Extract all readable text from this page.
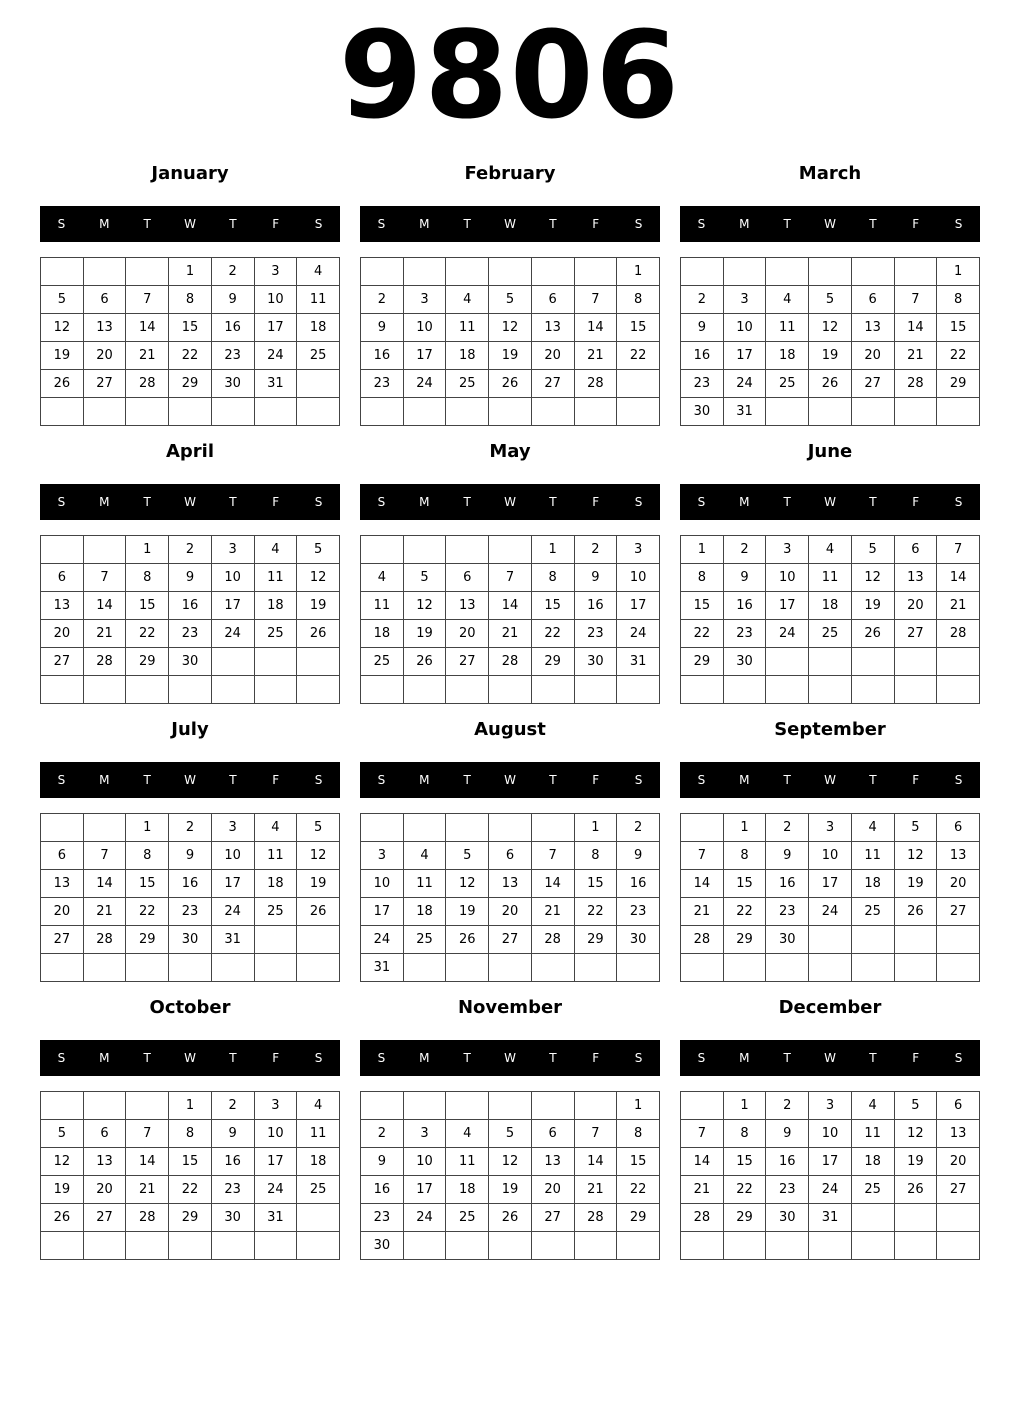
9806
January
S	M	T	W	T	F	S
			1	2	3	4
5	6	7	8	9	10	11
12	13	14	15	16	17	18
19	20	21	22	23	24	25
26	27	28	29	30	31	

February
S	M	T	W	T	F	S
						1
2	3	4	5	6	7	8
9	10	11	12	13	14	15
16	17	18	19	20	21	22
23	24	25	26	27	28	

March
S	M	T	W	T	F	S
						1
2	3	4	5	6	7	8
9	10	11	12	13	14	15
16	17	18	19	20	21	22
23	24	25	26	27	28	29
30	31					
April
S	M	T	W	T	F	S
		1	2	3	4	5
6	7	8	9	10	11	12
13	14	15	16	17	18	19
20	21	22	23	24	25	26
27	28	29	30			

May
S	M	T	W	T	F	S
				1	2	3
4	5	6	7	8	9	10
11	12	13	14	15	16	17
18	19	20	21	22	23	24
25	26	27	28	29	30	31

June
S	M	T	W	T	F	S
1	2	3	4	5	6	7
8	9	10	11	12	13	14
15	16	17	18	19	20	21
22	23	24	25	26	27	28
29	30					

July
S	M	T	W	T	F	S
		1	2	3	4	5
6	7	8	9	10	11	12
13	14	15	16	17	18	19
20	21	22	23	24	25	26
27	28	29	30	31		

August
S	M	T	W	T	F	S
					1	2
3	4	5	6	7	8	9
10	11	12	13	14	15	16
17	18	19	20	21	22	23
24	25	26	27	28	29	30
31						
September
S	M	T	W	T	F	S
	1	2	3	4	5	6
7	8	9	10	11	12	13
14	15	16	17	18	19	20
21	22	23	24	25	26	27
28	29	30				

October
S	M	T	W	T	F	S
			1	2	3	4
5	6	7	8	9	10	11
12	13	14	15	16	17	18
19	20	21	22	23	24	25
26	27	28	29	30	31	

November
S	M	T	W	T	F	S
						1
2	3	4	5	6	7	8
9	10	11	12	13	14	15
16	17	18	19	20	21	22
23	24	25	26	27	28	29
30						
December
S	M	T	W	T	F	S
	1	2	3	4	5	6
7	8	9	10	11	12	13
14	15	16	17	18	19	20
21	22	23	24	25	26	27
28	29	30	31			
